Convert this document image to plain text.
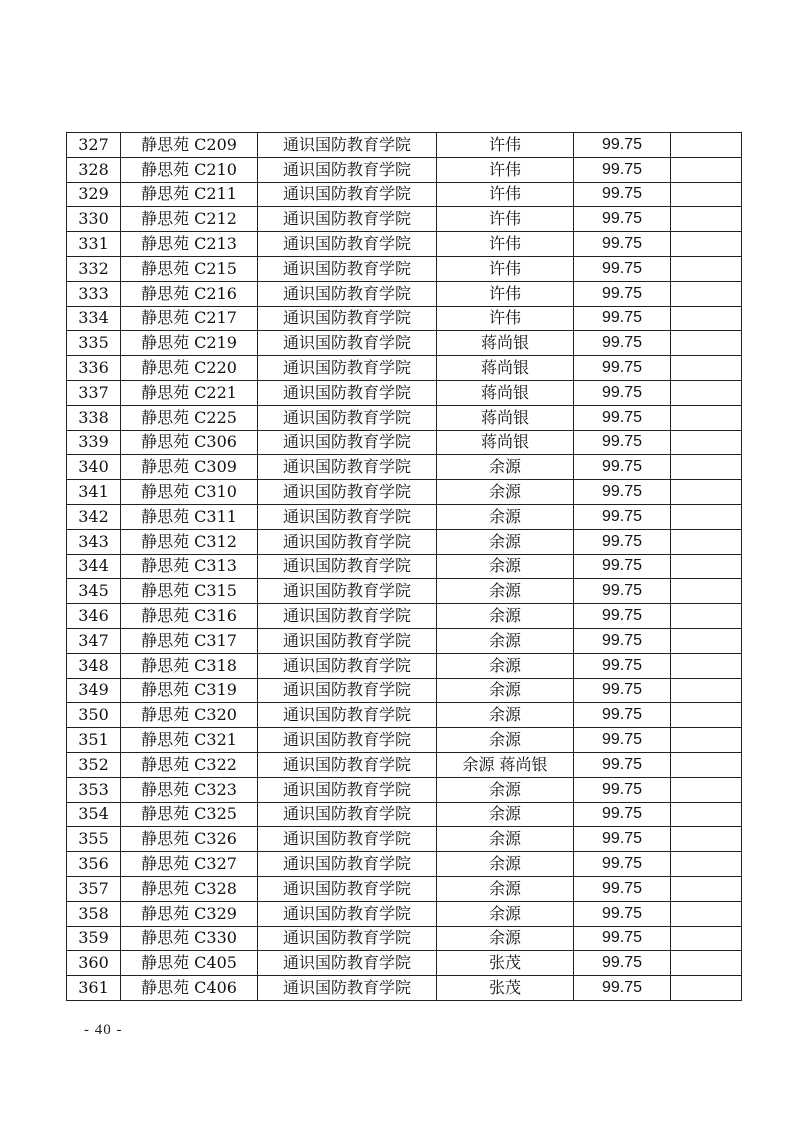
327	静思苑 C209	通识国防教育学院	许伟	99.75	
328	静思苑 C210	通识国防教育学院	许伟	99.75	
329	静思苑 C211	通识国防教育学院	许伟	99.75	
330	静思苑 C212	通识国防教育学院	许伟	99.75	
331	静思苑 C213	通识国防教育学院	许伟	99.75	
332	静思苑 C215	通识国防教育学院	许伟	99.75	
333	静思苑 C216	通识国防教育学院	许伟	99.75	
334	静思苑 C217	通识国防教育学院	许伟	99.75	
335	静思苑 C219	通识国防教育学院	蒋尚银	99.75	
336	静思苑 C220	通识国防教育学院	蒋尚银	99.75	
337	静思苑 C221	通识国防教育学院	蒋尚银	99.75	
338	静思苑 C225	通识国防教育学院	蒋尚银	99.75	
339	静思苑 C306	通识国防教育学院	蒋尚银	99.75	
340	静思苑 C309	通识国防教育学院	余源	99.75	
341	静思苑 C310	通识国防教育学院	余源	99.75	
342	静思苑 C311	通识国防教育学院	余源	99.75	
343	静思苑 C312	通识国防教育学院	余源	99.75	
344	静思苑 C313	通识国防教育学院	余源	99.75	
345	静思苑 C315	通识国防教育学院	余源	99.75	
346	静思苑 C316	通识国防教育学院	余源	99.75	
347	静思苑 C317	通识国防教育学院	余源	99.75	
348	静思苑 C318	通识国防教育学院	余源	99.75	
349	静思苑 C319	通识国防教育学院	余源	99.75	
350	静思苑 C320	通识国防教育学院	余源	99.75	
351	静思苑 C321	通识国防教育学院	余源	99.75	
352	静思苑 C322	通识国防教育学院	余源 蒋尚银	99.75	
353	静思苑 C323	通识国防教育学院	余源	99.75	
354	静思苑 C325	通识国防教育学院	余源	99.75	
355	静思苑 C326	通识国防教育学院	余源	99.75	
356	静思苑 C327	通识国防教育学院	余源	99.75	
357	静思苑 C328	通识国防教育学院	余源	99.75	
358	静思苑 C329	通识国防教育学院	余源	99.75	
359	静思苑 C330	通识国防教育学院	余源	99.75	
360	静思苑 C405	通识国防教育学院	张茂	99.75	
361	静思苑 C406	通识国防教育学院	张茂	99.75	
- 40 -
